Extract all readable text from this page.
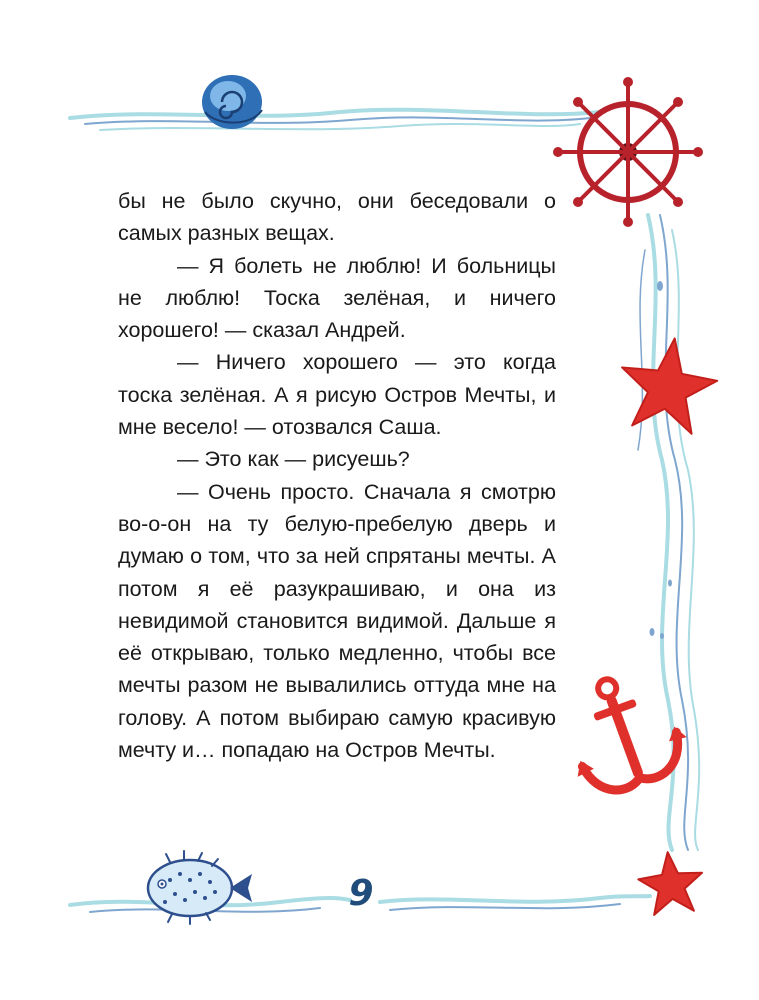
бы не было скучно, они беседовали о самых разных вещах.

— Я болеть не люблю! И больницы не люблю! Тоска зелёная, и ничего хорошего! — сказал Андрей.

— Ничего хорошего — это когда тоска зелёная. А я рисую Остров Мечты, и мне весело! — отозвался Саша.

— Это как — рисуешь?

— Очень просто. Сначала я смотрю во-о-он на ту белую-пребелую дверь и думаю о том, что за ней спрятаны мечты. А потом я её разукрашиваю, и она из невидимой становится видимой. Дальше я её открываю, только медленно, чтобы все мечты разом не вывалились оттуда мне на голову. А потом выбираю самую красивую мечту и… попадаю на Остров Мечты.

9
